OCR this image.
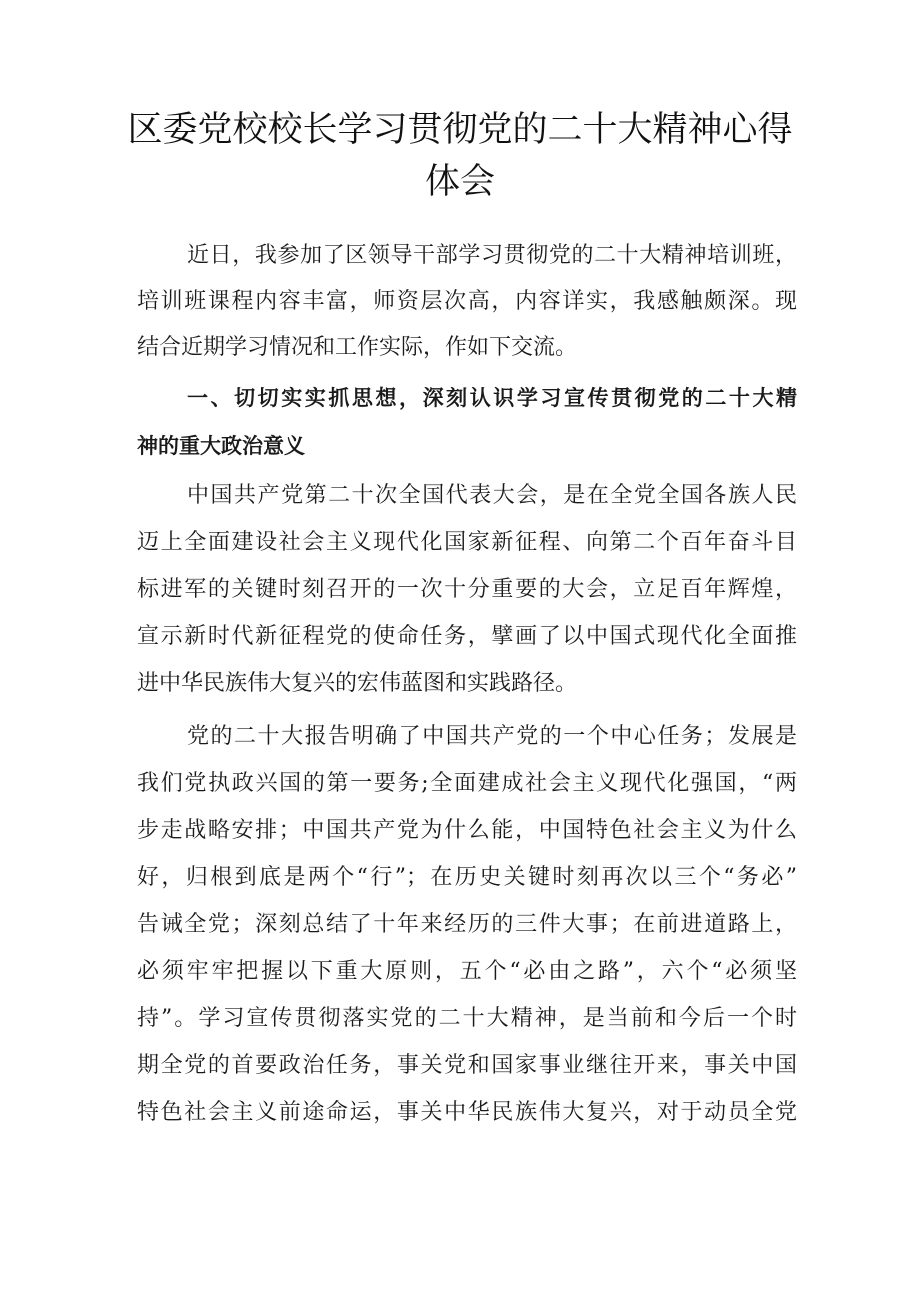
区委党校校长学习贯彻党的二十大精神心得
体会
近日，我参加了区领导干部学习贯彻党的二十大精神培训班，
培训班课程内容丰富，师资层次高，内容详实，我感触颇深。现
结合近期学习情况和工作实际，作如下交流。
一、切切实实抓思想，深刻认识学习宣传贯彻党的二十大精
神的重大政治意义
中国共产党第二十次全国代表大会，是在全党全国各族人民
迈上全面建设社会主义现代化国家新征程、向第二个百年奋斗目
标进军的关键时刻召开的一次十分重要的大会，立足百年辉煌，
宣示新时代新征程党的使命任务，擘画了以中国式现代化全面推
进中华民族伟大复兴的宏伟蓝图和实践路径。
党的二十大报告明确了中国共产党的一个中心任务；发展是
我们党执政兴国的第一要务;全面建成社会主义现代化强国，“两
步走战略安排；中国共产党为什么能，中国特色社会主义为什么
好，归根到底是两个“行”；在历史关键时刻再次以三个“务必”
告诫全党；深刻总结了十年来经历的三件大事；在前进道路上，
必须牢牢把握以下重大原则，五个“必由之路”，六个“必须坚
持”。学习宣传贯彻落实党的二十大精神，是当前和今后一个时
期全党的首要政治任务，事关党和国家事业继往开来，事关中国
特色社会主义前途命运，事关中华民族伟大复兴，对于动员全党
